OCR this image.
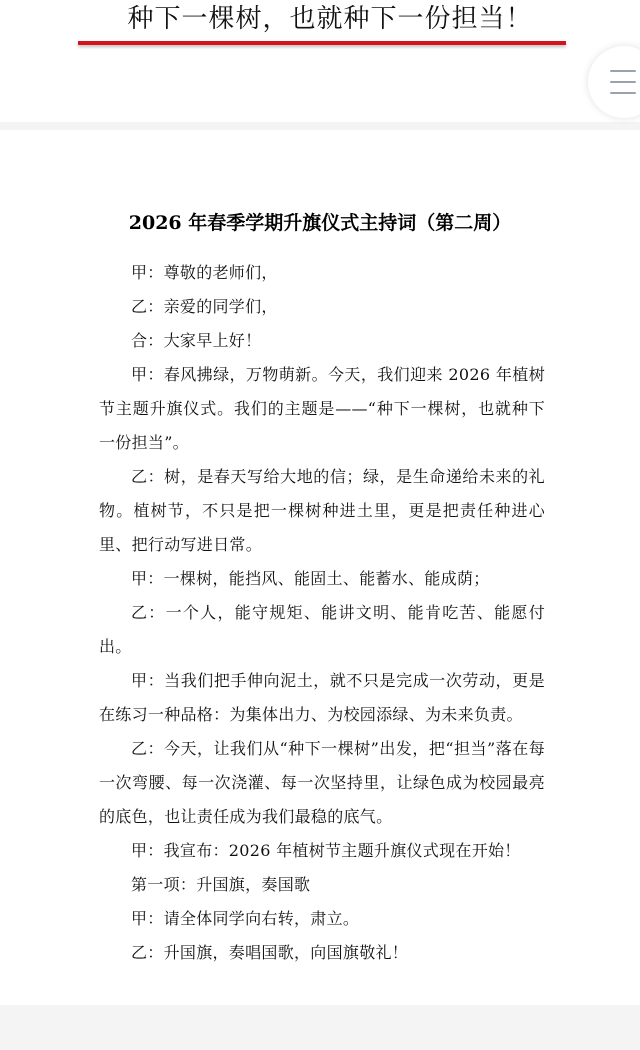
种下一棵树，也就种下一份担当！
2026 年春季学期升旗仪式主持词（第二周）

甲：尊敬的老师们，

乙：亲爱的同学们，

合：大家早上好！

甲：春风拂绿，万物萌新。今天，我们迎来 2026 年植树节主题升旗仪式。我们的主题是——“种下一棵树，也就种下一份担当”。

乙：树，是春天写给大地的信；绿，是生命递给未来的礼物。植树节，不只是把一棵树种进土里，更是把责任种进心里、把行动写进日常。

甲：一棵树，能挡风、能固土、能蓄水、能成荫；

乙：一个人，能守规矩、能讲文明、能肯吃苦、能愿付出。

甲：当我们把手伸向泥土，就不只是完成一次劳动，更是在练习一种品格：为集体出力、为校园添绿、为未来负责。

乙：今天，让我们从“种下一棵树”出发，把“担当”落在每一次弯腰、每一次浇灌、每一次坚持里，让绿色成为校园最亮的底色，也让责任成为我们最稳的底气。

甲：我宣布：2026 年植树节主题升旗仪式现在开始！

第一项：升国旗，奏国歌

甲：请全体同学向右转，肃立。

乙：升国旗，奏唱国歌，向国旗敬礼！
